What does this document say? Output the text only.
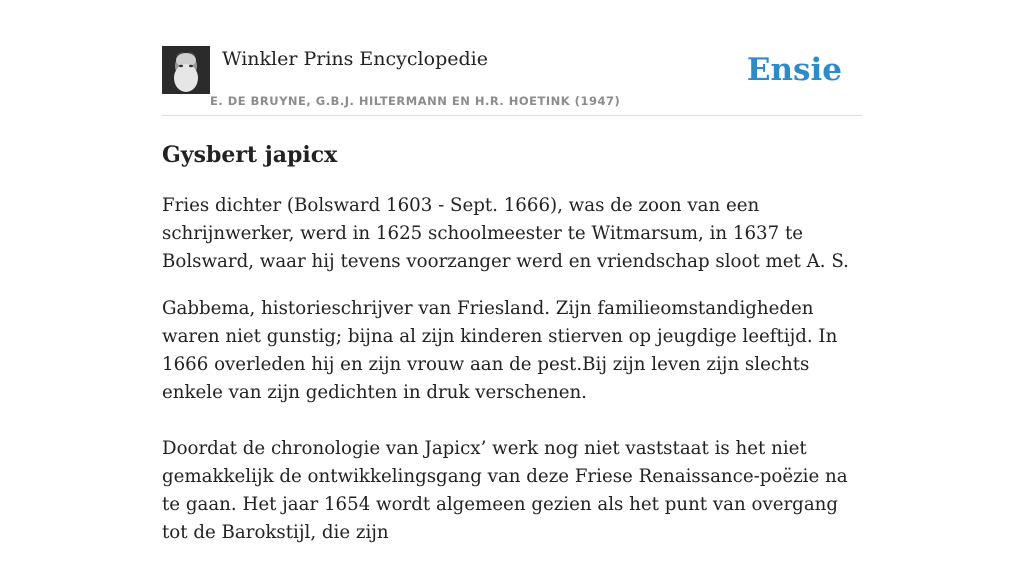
Winkler Prins Encyclopedie
E. DE BRUYNE, G.B.J. HILTERMANN EN H.R. HOETINK (1947)
Ensie
Gysbert japicx

Fries dichter (Bolsward 1603 - Sept. 1666), was de zoon van een schrijnwerker, werd in 1625 schoolmeester te Witmarsum, in 1637 te Bolsward, waar hij tevens voorzanger werd en vriendschap sloot met A. S.

Gabbema, historieschrijver van Friesland. Zijn familieomstandigheden waren niet gunstig; bijna al zijn kinderen stierven op jeugdige leeftijd. In 1666 overleden hij en zijn vrouw aan de pest.Bij zijn leven zijn slechts enkele van zijn gedichten in druk verschenen.

Doordat de chronologie van Japicx’ werk nog niet vaststaat is het niet gemakkelijk de ontwikkelingsgang van deze Friese Renaissance-poëzie na te gaan. Het jaar 1654 wordt algemeen gezien als het punt van overgang tot de Barokstijl, die zijn
